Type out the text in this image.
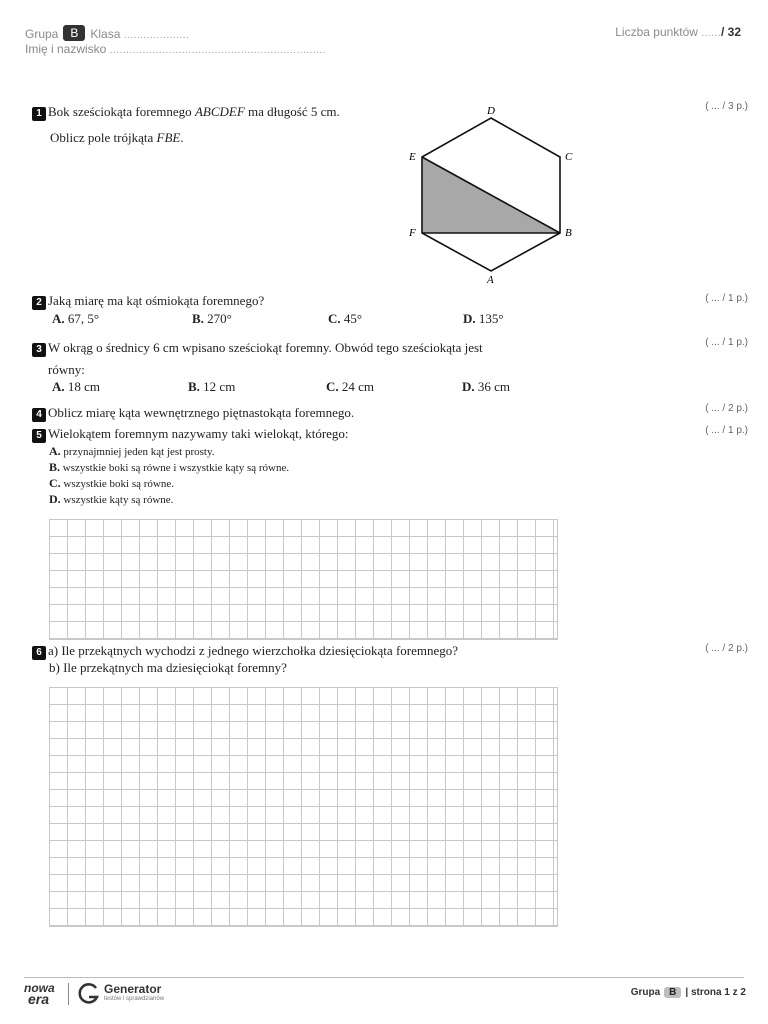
Grupa B Klasa ....................
Imię i nazwisko ..................................................................
Liczba punktów ....../ 32
1 Bok sześciokąta foremnego ABCDEF ma długość 5 cm.
Oblicz pole trójkąta FBE.
( ... / 3 p.)
D
C
E
F	B
A
2 Jaką miarę ma kąt ośmiokąta foremnego?	( ... / 1 p.)
A. 67, 5°	B. 270°	C. 45°	D. 135°
3 W okrąg o średnicy 6 cm wpisano sześciokąt foremny. Obwód tego sześciokąta jest
równy:
( ... / 1 p.)
A. 18 cm	B. 12 cm	C. 24 cm	D. 36 cm
4 Oblicz miarę kąta wewnętrznego piętnastokąta foremnego.	( ... / 2 p.)
5 Wielokątem foremnym nazywamy taki wielokąt, którego:	( ... / 1 p.)
A. przynajmniej jeden kąt jest prosty.
B. wszystkie boki są równe i wszystkie kąty są równe.
C. wszystkie boki są równe.
D. wszystkie kąty są równe.
6 a) Ile przekątnych wychodzi z jednego wierzchołka dziesięciokąta foremnego?
b) Ile przekątnych ma dziesięciokąt foremny?
( ... / 2 p.)
nowa
era
Generator
testów i sprawdzianów
Grupa B | strona 1 z 2
